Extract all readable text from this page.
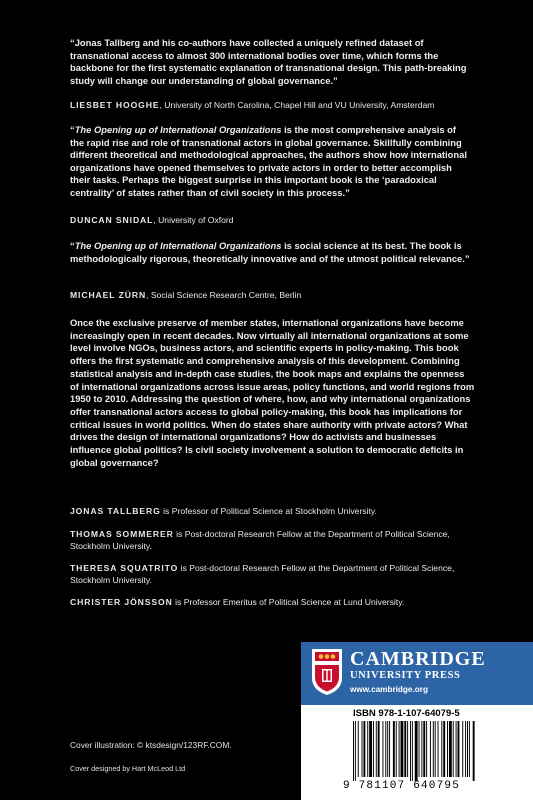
“Jonas Tallberg and his co-authors have collected a uniquely refined dataset of transnational access to almost 300 international bodies over time, which forms the backbone for the first systematic explanation of transnational design. This path-breaking study will change our understanding of global governance.”
LIESBET HOOGHE, University of North Carolina, Chapel Hill and VU University, Amsterdam
“The Opening up of International Organizations is the most comprehensive analysis of the rapid rise and role of transnational actors in global governance. Skillfully combining different theoretical and methodological approaches, the authors show how international organizations have opened themselves to private actors in order to better accomplish their tasks. Perhaps the biggest surprise in this important book is the ‘paradoxical centrality’ of states rather than of civil society in this process.”
DUNCAN SNIDAL, University of Oxford
“The Opening up of International Organizations is social science at its best. The book is methodologically rigorous, theoretically innovative and of the utmost political relevance.”
MICHAEL ZÜRN, Social Science Research Centre, Berlin
Once the exclusive preserve of member states, international organizations have become increasingly open in recent decades. Now virtually all international organizations at some level involve NGOs, business actors, and scientific experts in policy-making. This book offers the first systematic and comprehensive analysis of this development. Combining statistical analysis and in-depth case studies, the book maps and explains the openness of international organizations across issue areas, policy functions, and world regions from 1950 to 2010. Addressing the question of where, how, and why international organizations offer transnational actors access to global policy-making, this book has implications for critical issues in world politics. When do states share authority with private actors? What drives the design of international organizations? How do activists and businesses influence global politics? Is civil society involvement a solution to democratic deficits in global governance?
JONAS TALLBERG is Professor of Political Science at Stockholm University.
THOMAS SOMMERER is Post-doctoral Research Fellow at the Department of Political Science, Stockholm University.
THERESA SQUATRITO is Post-doctoral Research Fellow at the Department of Political Science, Stockholm University.
CHRISTER JÖNSSON is Professor Emeritus of Political Science at Lund University.
Cover illustration: © ktsdesign/123RF.COM.
Cover designed by Hart McLeod Ltd
CAMBRIDGE
UNIVERSITY PRESS
www.cambridge.org
ISBN 978-1-107-64079-5
9 781107 640795
